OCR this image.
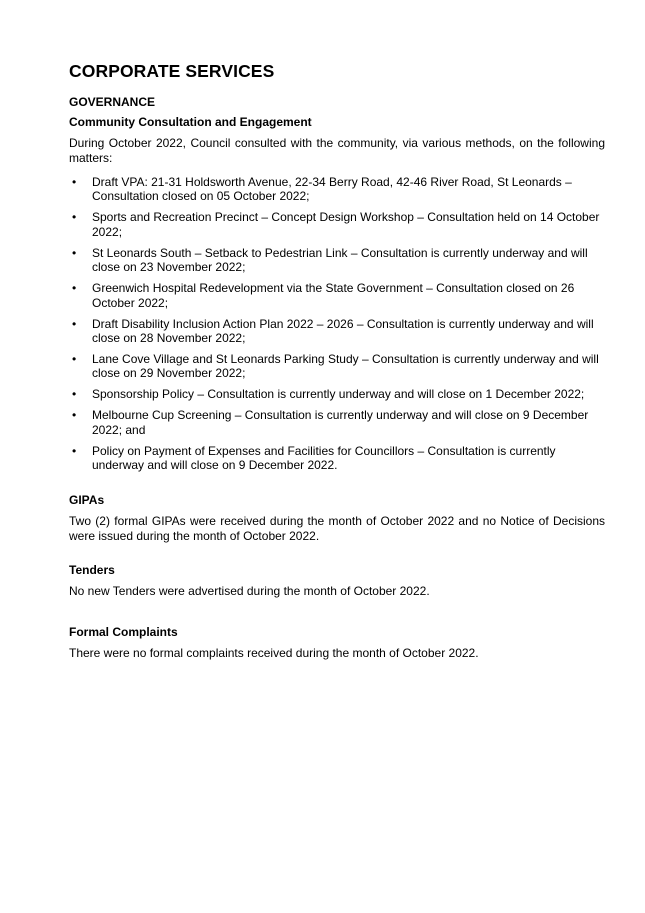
CORPORATE SERVICES
GOVERNANCE
Community Consultation and Engagement

During October 2022, Council consulted with the community, via various methods, on the following matters:

• Draft VPA: 21-31 Holdsworth Avenue, 22-34 Berry Road, 42-46 River Road, St Leonards – Consultation closed on 05 October 2022;
• Sports and Recreation Precinct – Concept Design Workshop – Consultation held on 14 October 2022;
• St Leonards South – Setback to Pedestrian Link – Consultation is currently underway and will close on 23 November 2022;
• Greenwich Hospital Redevelopment via the State Government – Consultation closed on 26 October 2022;
• Draft Disability Inclusion Action Plan 2022 – 2026 – Consultation is currently underway and will close on 28 November 2022;
• Lane Cove Village and St Leonards Parking Study – Consultation is currently underway and will close on 29 November 2022;
• Sponsorship Policy – Consultation is currently underway and will close on 1 December 2022;
• Melbourne Cup Screening – Consultation is currently underway and will close on 9 December 2022; and
• Policy on Payment of Expenses and Facilities for Councillors – Consultation is currently underway and will close on 9 December 2022.
GIPAs

Two (2) formal GIPAs were received during the month of October 2022 and no Notice of Decisions were issued during the month of October 2022.

Tenders

No new Tenders were advertised during the month of October 2022.

Formal Complaints

There were no formal complaints received during the month of October 2022.
